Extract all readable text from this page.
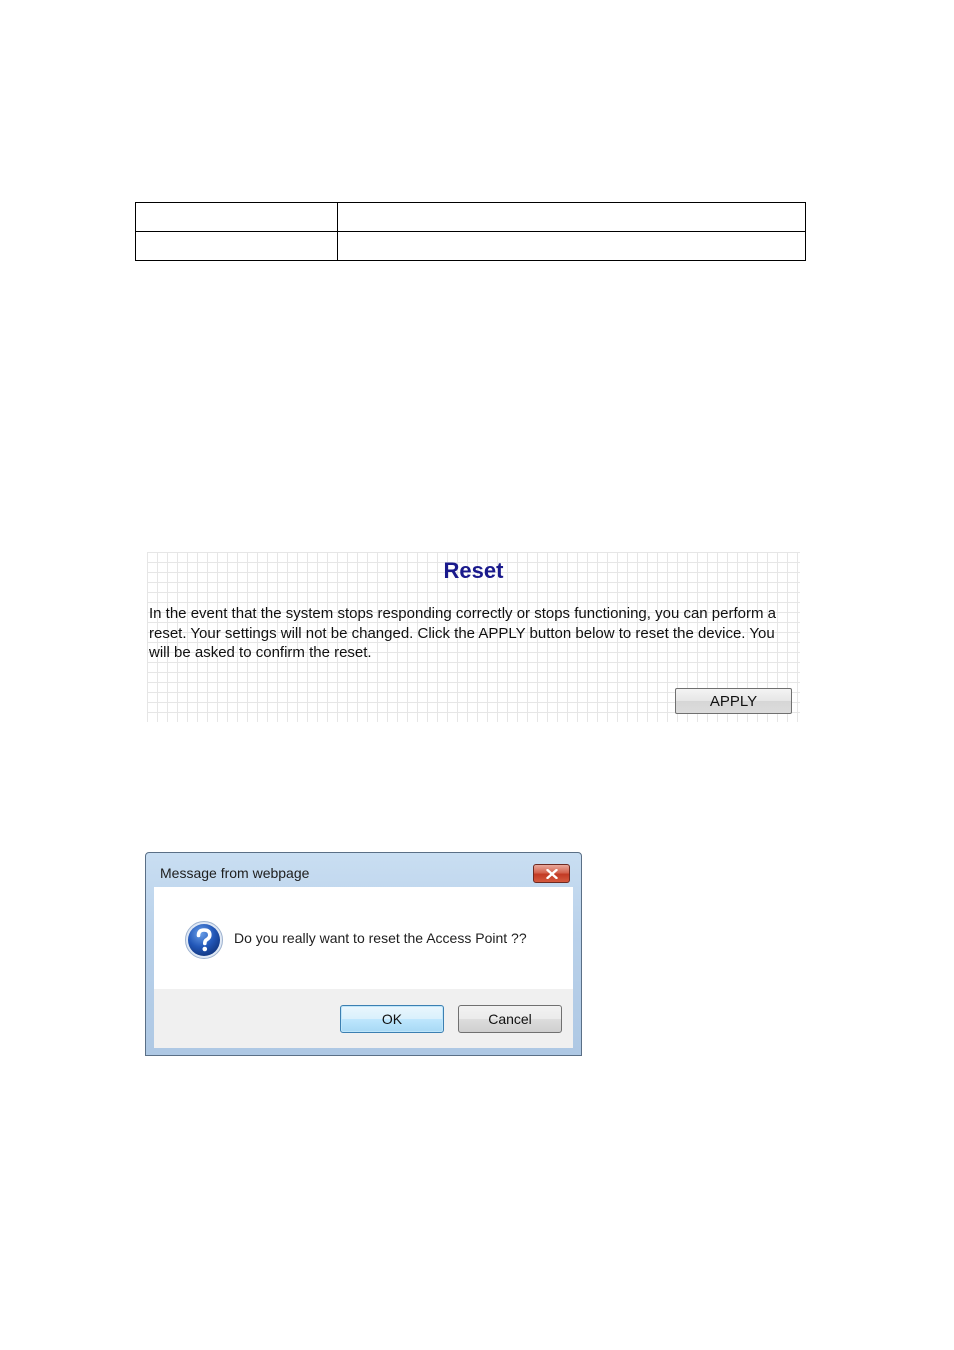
Reset
In the event that the system stops responding correctly or stops functioning, you can perform a reset. Your settings will not be changed. Click the APPLY button below to reset the device. You will be asked to confirm the reset.
APPLY
Message from webpage
Do you really want to reset the Access Point ??
OK	Cancel
